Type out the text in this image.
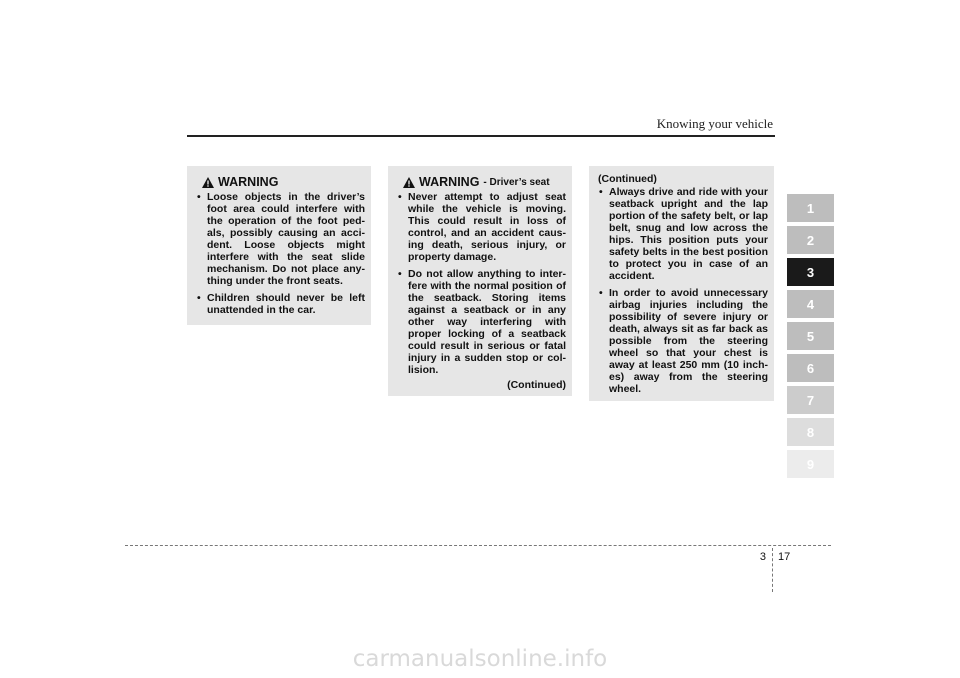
Knowing your vehicle
WARNING
• Loose objects in the driver’s foot area could interfere with the operation of the foot ped-als, possibly causing an acci-dent. Loose objects might interfere with the seat slide mechanism. Do not place any-thing under the front seats.
• Children should never be left unattended in the car.
WARNING - Driver’s seat
• Never attempt to adjust seat while the vehicle is moving. This could result in loss of control, and an accident caus-ing death, serious injury, or property damage.
• Do not allow anything to inter-fere with the normal position of the seatback. Storing items against a seatback or in any other way interfering with proper locking of a seatback could result in serious or fatal injury in a sudden stop or col-lision.
(Continued)
(Continued)
• Always drive and ride with your seatback upright and the lap portion of the safety belt, or lap belt, snug and low across the hips. This position puts your safety belts in the best position to protect you in case of an accident.
• In order to avoid unnecessary airbag injuries including the possibility of severe injury or death, always sit as far back as possible from the steering wheel so that your chest is away at least 250 mm (10 inch-es) away from the steering wheel.
1
2
3
4
5
6
7
8
9
3 17
carmanualsonline.info
